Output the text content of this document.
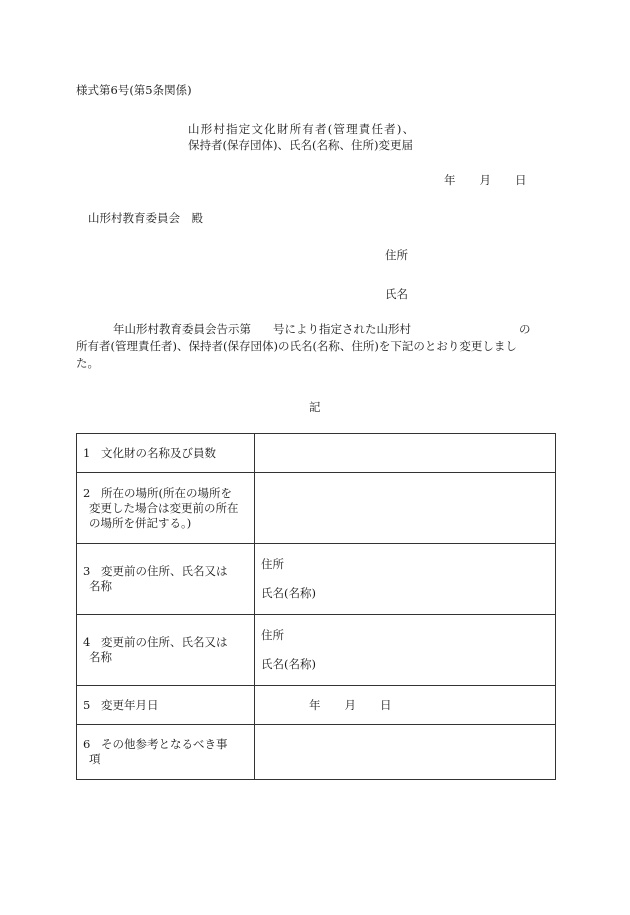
様式第6号(第5条関係)
山形村指定文化財所有者(管理責任者)、
保持者(保存団体)、氏名(名称、住所)変更届
年 月 日
山形村教育委員会　殿
住所
氏名
年山形村教育委員会告示第 号により指定された山形村	の
所有者(管理責任者)、保持者(保存団体)の氏名(名称、住所)を下記のとおり変更しまし
た。
記
1 文化財の名称及び員数	
2 所在の場所(所在の場所を
変更した場合は変更前の所在の場所を併記する。)	

3 変更前の住所、氏名又は
名称	住所
氏名(名称)

4 変更前の住所、氏名又は
名称	住所
氏名(名称)

5 変更年月日	年 月 日
6 その他参考となるべき事
項	
